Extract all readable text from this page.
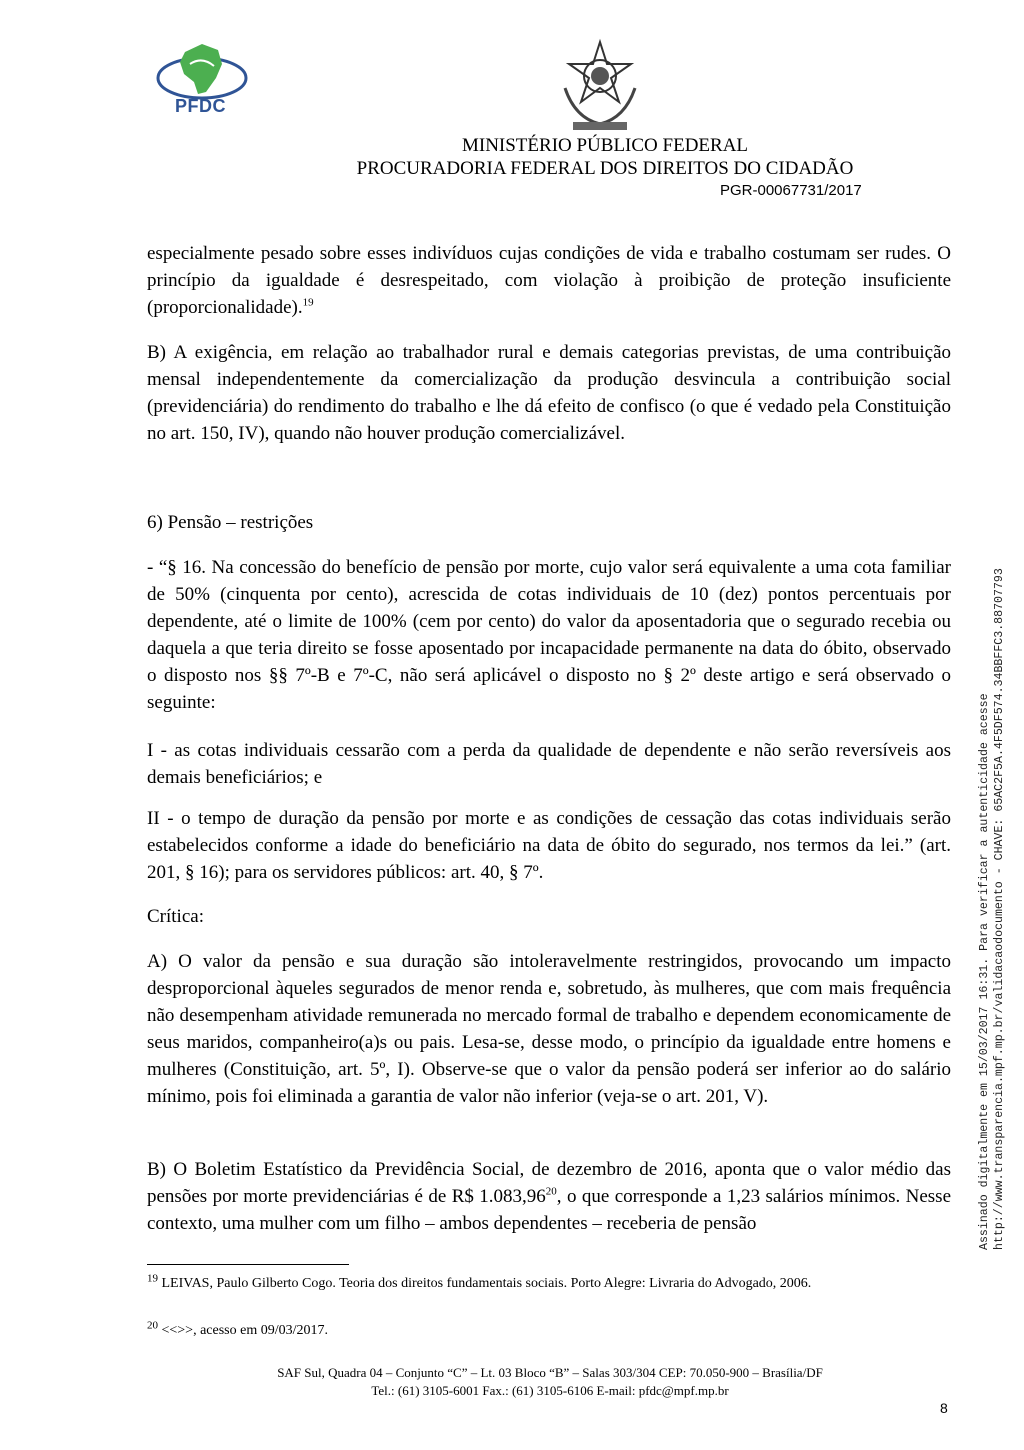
PFDC
MINISTÉRIO PÚBLICO FEDERAL
PROCURADORIA FEDERAL DOS DIREITOS DO CIDADÃO
PGR-00067731/2017

especialmente pesado sobre esses indivíduos cujas condições de vida e trabalho costumam ser rudes. O princípio da igualdade é desrespeitado, com violação à proibição de proteção insuficiente (proporcionalidade).$^{19}$

B) A exigência, em relação ao trabalhador rural e demais categorias previstas, de uma contribuição mensal independentemente da comercialização da produção desvincula a contribuição social (previdenciária) do rendimento do trabalho e lhe dá efeito de confisco (o que é vedado pela Constituição no art. 150, IV), quando não houver produção comercializável.

6) Pensão – restrições

- “§ 16. Na concessão do benefício de pensão por morte, cujo valor será equivalente a uma cota familiar de 50% (cinquenta por cento), acrescida de cotas individuais de 10 (dez) pontos percentuais por dependente, até o limite de 100% (cem por cento) do valor da aposentadoria que o segurado recebia ou daquela a que teria direito se fosse aposentado por incapacidade permanente na data do óbito, observado o disposto nos §§ 7º-B e 7º-C, não será aplicável o disposto no § 2º deste artigo e será observado o seguinte:

I - as cotas individuais cessarão com a perda da qualidade de dependente e não serão reversíveis aos demais beneficiários; e

II - o tempo de duração da pensão por morte e as condições de cessação das cotas individuais serão estabelecidos conforme a idade do beneficiário na data de óbito do segurado, nos termos da lei.” (art. 201, § 16); para os servidores públicos: art. 40, § 7º.

Crítica:

A) O valor da pensão e sua duração são intoleravelmente restringidos, provocando um impacto desproporcional àqueles segurados de menor renda e, sobretudo, às mulheres, que com mais frequência não desempenham atividade remunerada no mercado formal de trabalho e dependem economicamente de seus maridos, companheiro(a)s ou pais. Lesa-se, desse modo, o princípio da igualdade entre homens e mulheres (Constituição, art. 5º, I). Observe-se que o valor da pensão poderá ser inferior ao do salário mínimo, pois foi eliminada a garantia de valor não inferior (veja-se o art. 201, V).

B) O Boletim Estatístico da Previdência Social, de dezembro de 2016, aponta que o valor médio das pensões por morte previdenciárias é de R$ 1.083,96$^{20}$, o que corresponde a 1,23 salários mínimos. Nesse contexto, uma mulher com um filho – ambos dependentes – receberia de pensão	Assinado digitalmente em 15/03/2017 16:31. Para verificar a autenticidade acesse http://www.transparencia.mpf.mp.br/validacaodocumento - CHAVE: 65AC2F5A.4F5DF574.34BBFFC3.88707793
$^{19}$ LEIVAS, Paulo Gilberto Cogo. Teoria dos direitos fundamentais sociais. Porto Alegre: Livraria do Advogado, 2006.
$^{20}$ <<>>, acesso em 09/03/2017.
SAF Sul, Quadra 04 – Conjunto “C” – Lt. 03 Bloco “B” – Salas 303/304 CEP: 70.050-900 – Brasília/DF
Tel.: (61) 3105-6001 Fax.: (61) 3105-6106 E-mail: pfdc@mpf.mp.br
8
